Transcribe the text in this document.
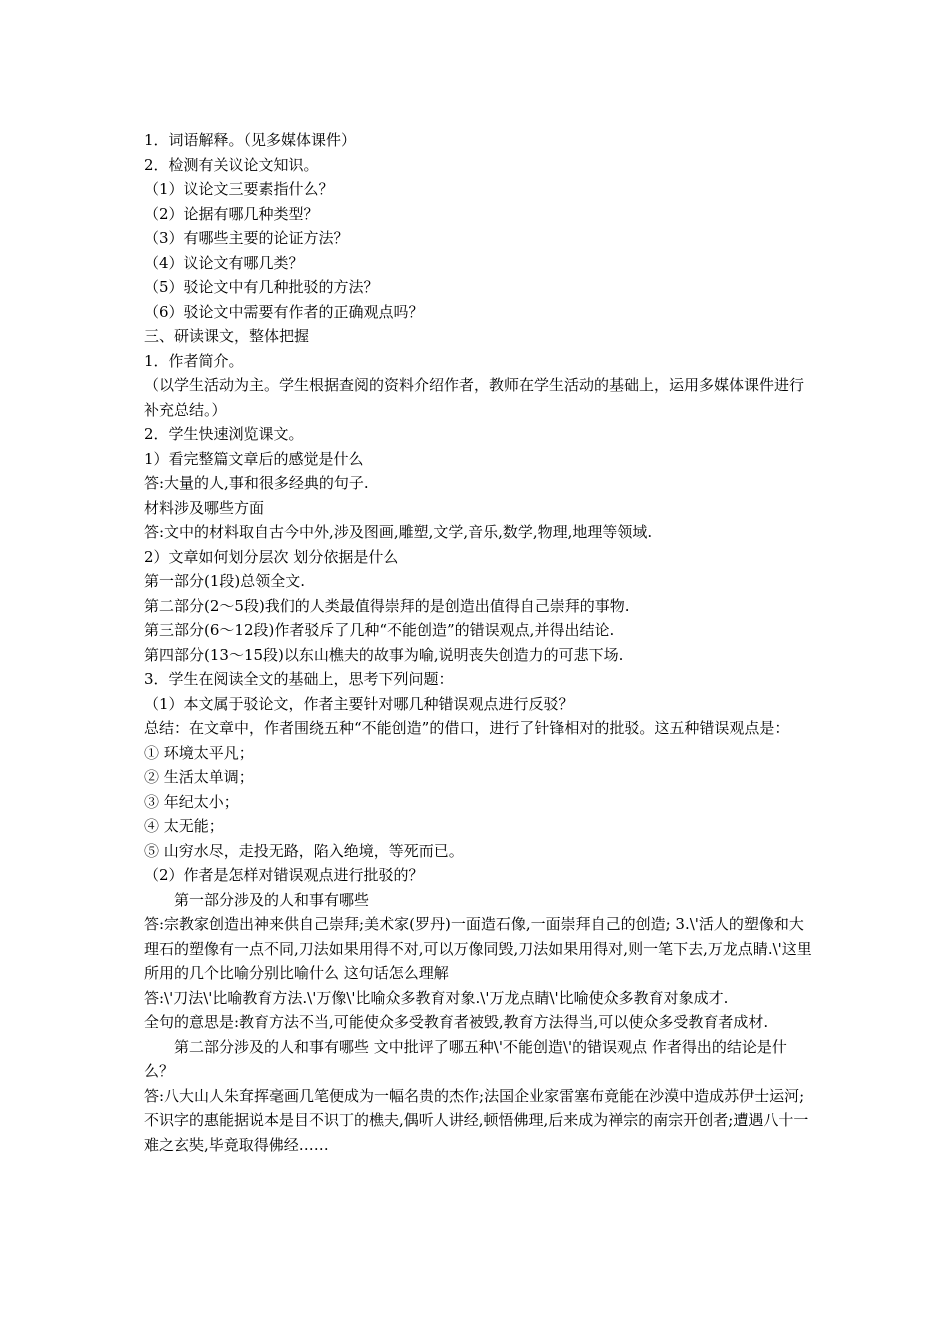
1．词语解释。（见多媒体课件）

2．检测有关议论文知识。

（1）议论文三要素指什么？

（2）论据有哪几种类型？

（3）有哪些主要的论证方法？

（4）议论文有哪几类？

（5）驳论文中有几种批驳的方法？

（6）驳论文中需要有作者的正确观点吗？

三、研读课文，整体把握

1．作者简介。

（以学生活动为主。学生根据查阅的资料介绍作者，教师在学生活动的基础上，运用多媒体课件进行补充总结。）

2．学生快速浏览课文。

1）看完整篇文章后的感觉是什么

答:大量的人,事和很多经典的句子.

材料涉及哪些方面

答:文中的材料取自古今中外,涉及图画,雕塑,文学,音乐,数学,物理,地理等领域.

2）文章如何划分层次 划分依据是什么

第一部分(1段)总领全文.

第二部分(2～5段)我们的人类最值得崇拜的是创造出值得自己崇拜的事物.

第三部分(6～12段)作者驳斥了几种“不能创造”的错误观点,并得出结论.

第四部分(13～15段)以东山樵夫的故事为喻,说明丧失创造力的可悲下场.

3．学生在阅读全文的基础上，思考下列问题：

（1）本文属于驳论文，作者主要针对哪几种错误观点进行反驳？

总结：在文章中，作者围绕五种“不能创造”的借口，进行了针锋相对的批驳。这五种错误观点是：

① 环境太平凡；

② 生活太单调；

③ 年纪太小；

④ 太无能；

⑤ 山穷水尽，走投无路，陷入绝境，等死而已。

（2）作者是怎样对错误观点进行批驳的？

第一部分涉及的人和事有哪些

答:宗教家创造出神来供自己崇拜;美术家(罗丹)一面造石像,一面崇拜自己的创造; 3.\'活人的塑像和大理石的塑像有一点不同,刀法如果用得不对,可以万像同毁,刀法如果用得对,则一笔下去,万龙点睛.\'这里所用的几个比喻分别比喻什么 这句话怎么理解

答:\'刀法\'比喻教育方法.\'万像\'比喻众多教育对象.\'万龙点睛\'比喻使众多教育对象成才.

全句的意思是:教育方法不当,可能使众多受教育者被毁,教育方法得当,可以使众多受教育者成材.

第二部分涉及的人和事有哪些 文中批评了哪五种\'不能创造\'的错误观点 作者得出的结论是什么？

答:八大山人朱耷挥毫画几笔便成为一幅名贵的杰作;法国企业家雷塞布竟能在沙漠中造成苏伊士运河;不识字的惠能据说本是目不识丁的樵夫,偶听人讲经,顿悟佛理,后来成为禅宗的南宗开创者;遭遇八十一难之玄奘,毕竟取得佛经……
